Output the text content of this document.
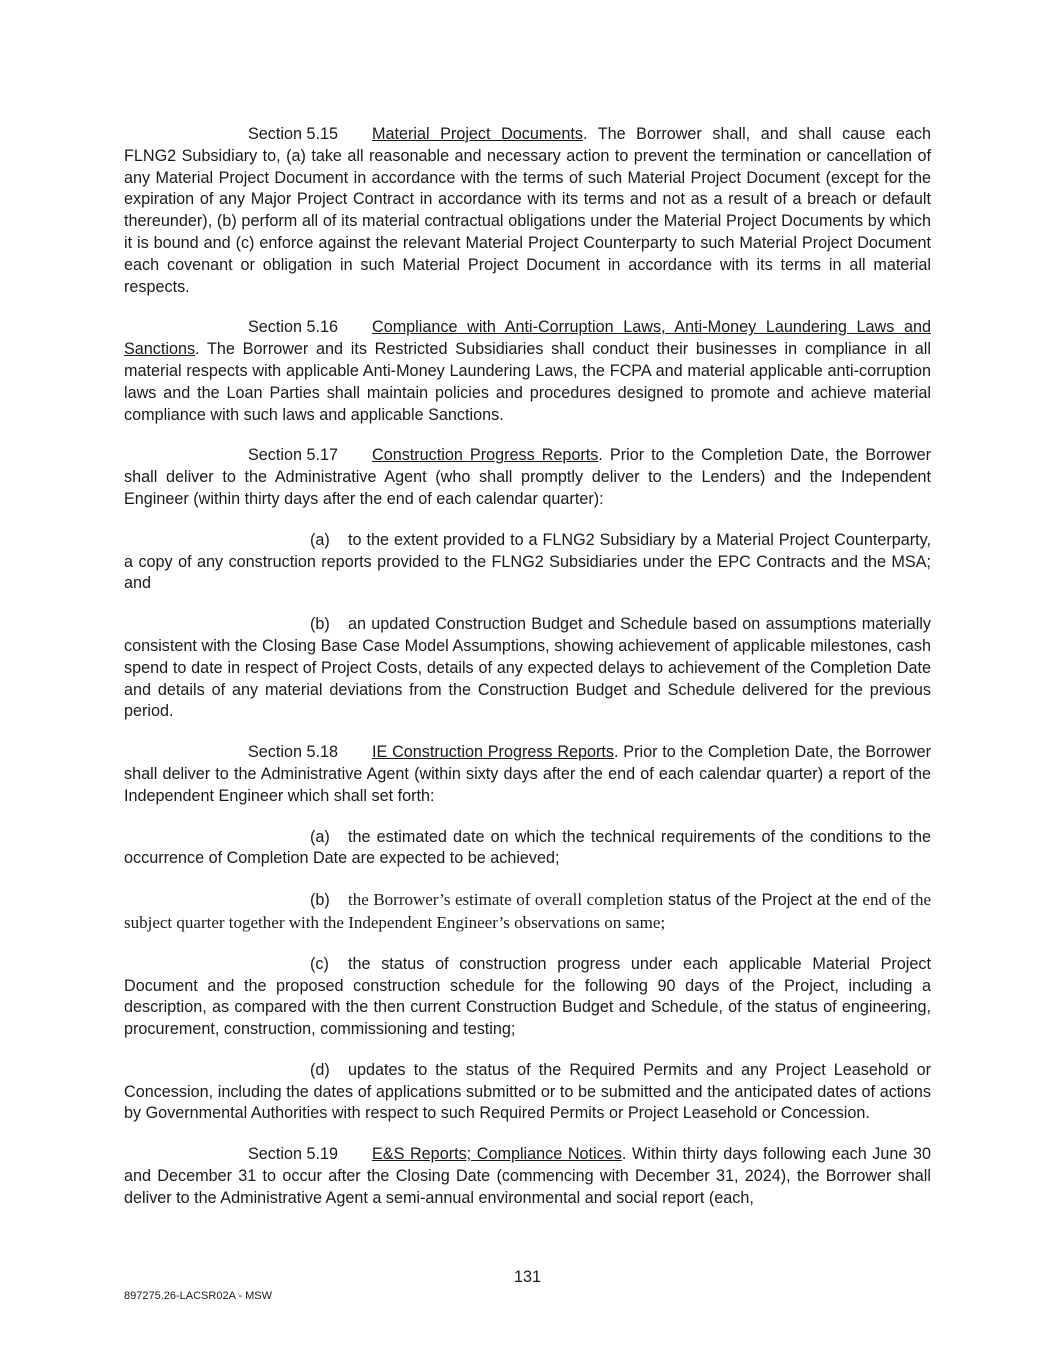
Section 5.15 Material Project Documents. The Borrower shall, and shall cause each FLNG2 Subsidiary to, (a) take all reasonable and necessary action to prevent the termination or cancellation of any Material Project Document in accordance with the terms of such Material Project Document (except for the expiration of any Major Project Contract in accordance with its terms and not as a result of a breach or default thereunder), (b) perform all of its material contractual obligations under the Material Project Documents by which it is bound and (c) enforce against the relevant Material Project Counterparty to such Material Project Document each covenant or obligation in such Material Project Document in accordance with its terms in all material respects.

Section 5.16 Compliance with Anti-Corruption Laws, Anti-Money Laundering Laws and Sanctions. The Borrower and its Restricted Subsidiaries shall conduct their businesses in compliance in all material respects with applicable Anti-Money Laundering Laws, the FCPA and material applicable anti-corruption laws and the Loan Parties shall maintain policies and procedures designed to promote and achieve material compliance with such laws and applicable Sanctions.

Section 5.17 Construction Progress Reports. Prior to the Completion Date, the Borrower shall deliver to the Administrative Agent (who shall promptly deliver to the Lenders) and the Independent Engineer (within thirty days after the end of each calendar quarter):

(a) to the extent provided to a FLNG2 Subsidiary by a Material Project Counterparty, a copy of any construction reports provided to the FLNG2 Subsidiaries under the EPC Contracts and the MSA; and

(b) an updated Construction Budget and Schedule based on assumptions materially consistent with the Closing Base Case Model Assumptions, showing achievement of applicable milestones, cash spend to date in respect of Project Costs, details of any expected delays to achievement of the Completion Date and details of any material deviations from the Construction Budget and Schedule delivered for the previous period.

Section 5.18 IE Construction Progress Reports. Prior to the Completion Date, the Borrower shall deliver to the Administrative Agent (within sixty days after the end of each calendar quarter) a report of the Independent Engineer which shall set forth:

(a) the estimated date on which the technical requirements of the conditions to the occurrence of Completion Date are expected to be achieved;

(b) the Borrower’s estimate of overall completion status of the Project at the end of the subject quarter together with the Independent Engineer’s observations on same;

(c) the status of construction progress under each applicable Material Project Document and the proposed construction schedule for the following 90 days of the Project, including a description, as compared with the then current Construction Budget and Schedule, of the status of engineering, procurement, construction, commissioning and testing;

(d) updates to the status of the Required Permits and any Project Leasehold or Concession, including the dates of applications submitted or to be submitted and the anticipated dates of actions by Governmental Authorities with respect to such Required Permits or Project Leasehold or Concession.

Section 5.19 E&S Reports; Compliance Notices. Within thirty days following each June 30 and December 31 to occur after the Closing Date (commencing with December 31, 2024), the Borrower shall deliver to the Administrative Agent a semi-annual environmental and social report (each,

131
897275.26-LACSR02A - MSW
